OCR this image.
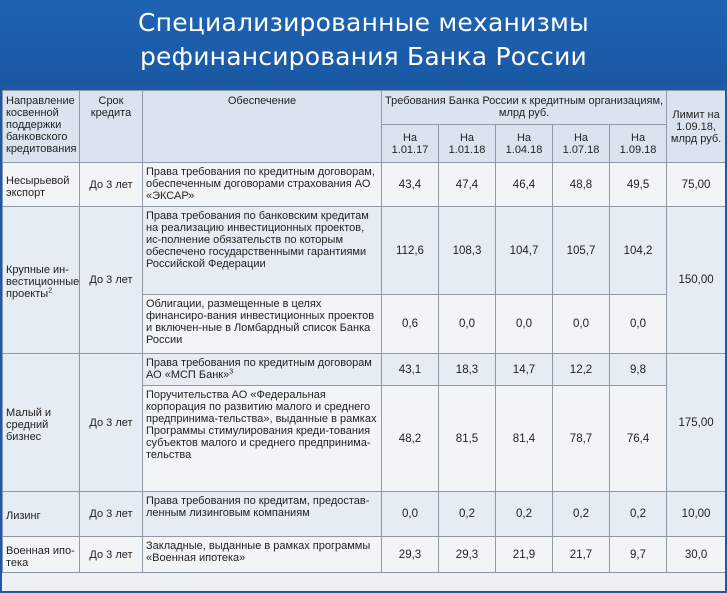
Специализированные механизмы
рефинансирования Банка России
Направление косвенной поддержки банковского кредитования	Срок кредита	Обеспечение	Требования Банка России к кредитным организациям, млрд руб.					Лимит на 1.09.18, млрд руб.
			На 1.01.17	На 1.01.18	На 1.04.18	На 1.07.18	На 1.09.18	
Несырьевой экспорт	До 3 лет	Права требования по кредитным договорам, обеспеченным договорами страхования АО «ЭКСАР»	43,4	47,4	46,4	48,8	49,5	75,00
Крупные ин-вестиционные проекты$^2$	До 3 лет	Права требования по банковским кредитам на реализацию инвестиционных проектов, ис-полнение обязательств по которым обеспечено государственными гарантиями Российской Федерации	112,6	108,3	104,7	105,7	104,2	150,00
		Облигации, размещенные в целях финансиро-вания инвестиционных проектов и включен-ные в Ломбардный список Банка России	0,6	0,0	0,0	0,0	0,0	
Малый и средний бизнес	До 3 лет	Права требования по кредитным договорам АО «МСП Банк»$^3$	43,1	18,3	14,7	12,2	9,8	175,00
		Поручительства АО «Федеральная корпорация по развитию малого и среднего предпринима-тельства», выданные в рамках Программы стимулирования креди-тования субъектов малого и среднего предпринима-тельства	48,2	81,5	81,4	78,7	76,4	
Лизинг	До 3 лет	Права требования по кредитам, предостав-ленным лизинговым компаниям	0,0	0,2	0,2	0,2	0,2	10,00
Военная ипо-тека	До 3 лет	Закладные, выданные в рамках программы «Военная ипотека»	29,3	29,3	21,9	21,7	9,7	30,0
